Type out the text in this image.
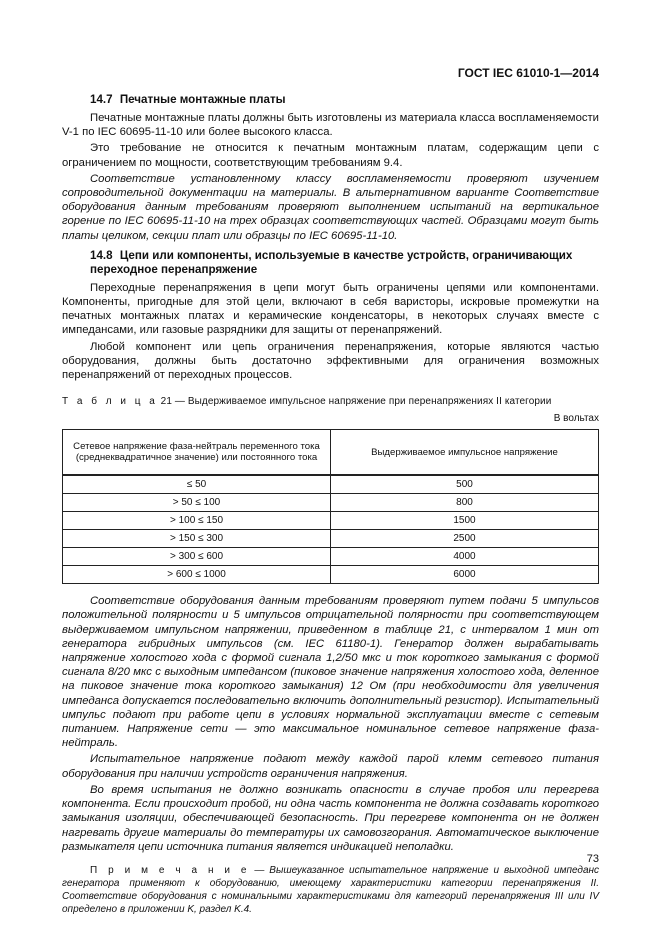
ГОСТ IEC 61010-1—2014
14.7 Печатные монтажные платы

Печатные монтажные платы должны быть изготовлены из материала класса воспламеняемости V-1 по IEC 60695-11-10 или более высокого класса.

Это требование не относится к печатным монтажным платам, содержащим цепи с ограничением по мощности, соответствующим требованиям 9.4.

Соответствие установленному классу воспламеняемости проверяют изучением сопроводительной документации на материалы. В альтернативном варианте Соответствие оборудования данным требованиям проверяют выполнением испытаний на вертикальное горение по IEC 60695-11-10 на трех образцах соответствующих частей. Образцами могут быть платы целиком, секции плат или образцы по IEC 60695-11-10.

14.8 Цепи или компоненты, используемые в качестве устройств, ограничивающих переходное перенапряжение

Переходные перенапряжения в цепи могут быть ограничены цепями или компонентами. Компоненты, пригодные для этой цели, включают в себя варисторы, искровые промежутки на печатных монтажных платах и керамические конденсаторы, в некоторых случаях вместе с импедансами, или газовые разрядники для защиты от перенапряжений.

Любой компонент или цепь ограничения перенапряжения, которые являются частью оборудования, должны быть достаточно эффективными для ограничения возможных перенапряжений от переходных процессов.

Т а б л и ц а 21 — Выдерживаемое импульсное напряжение при перенапряжениях II категории
В вольтах
Сетевое напряжение фаза-нейтраль переменного тока (среднеквадратичное значение) или постоянного тока	Выдерживаемое импульсное напряжение
≤ 50	500
> 50 ≤ 100	800
> 100 ≤ 150	1500
> 150 ≤ 300	2500
> 300 ≤ 600	4000
> 600 ≤ 1000	6000

Соответствие оборудования данным требованиям проверяют путем подачи 5 импульсов положительной полярности и 5 импульсов отрицательной полярности при соответствующем выдерживаемом импульсном напряжении, приведенном в таблице 21, с интервалом 1 мин от генератора гибридных импульсов (см. IEC 61180-1). Генератор должен вырабатывать напряжение холостого хода с формой сигнала 1,2/50 мкс и ток короткого замыкания с формой сигнала 8/20 мкс с выходным импедансом (пиковое значение напряжения холостого хода, деленное на пиковое значение тока короткого замыкания) 12 Ом (при необходимости для увеличения импеданса допускается последовательно включить дополнительный резистор). Испытательный импульс подают при работе цепи в условиях нормальной эксплуатации вместе с сетевым питанием. Напряжение сети — это максимальное номинальное сетевое напряжение фаза-нейтраль.

Испытательное напряжение подают между каждой парой клемм сетевого питания оборудования при наличии устройств ограничения напряжения.

Во время испытания не должно возникать опасности в случае пробоя или перегрева компонента. Если происходит пробой, ни одна часть компонента не должна создавать короткого замыкания изоляции, обеспечивающей безопасность. При перегреве компонента он не должен нагревать другие материалы до температуры их самовозгорания. Автоматическое выключение размыкателя цепи источника питания является индикацией неполадки.

П р и м е ч а н и е — Вышеуказанное испытательное напряжение и выходной импеданс генератора применяют к оборудованию, имеющему характеристики категории перенапряжения II. Соответствие оборудования с номинальными характеристиками для категорий перенапряжения III или IV определено в приложении K, раздел K.4.
73
